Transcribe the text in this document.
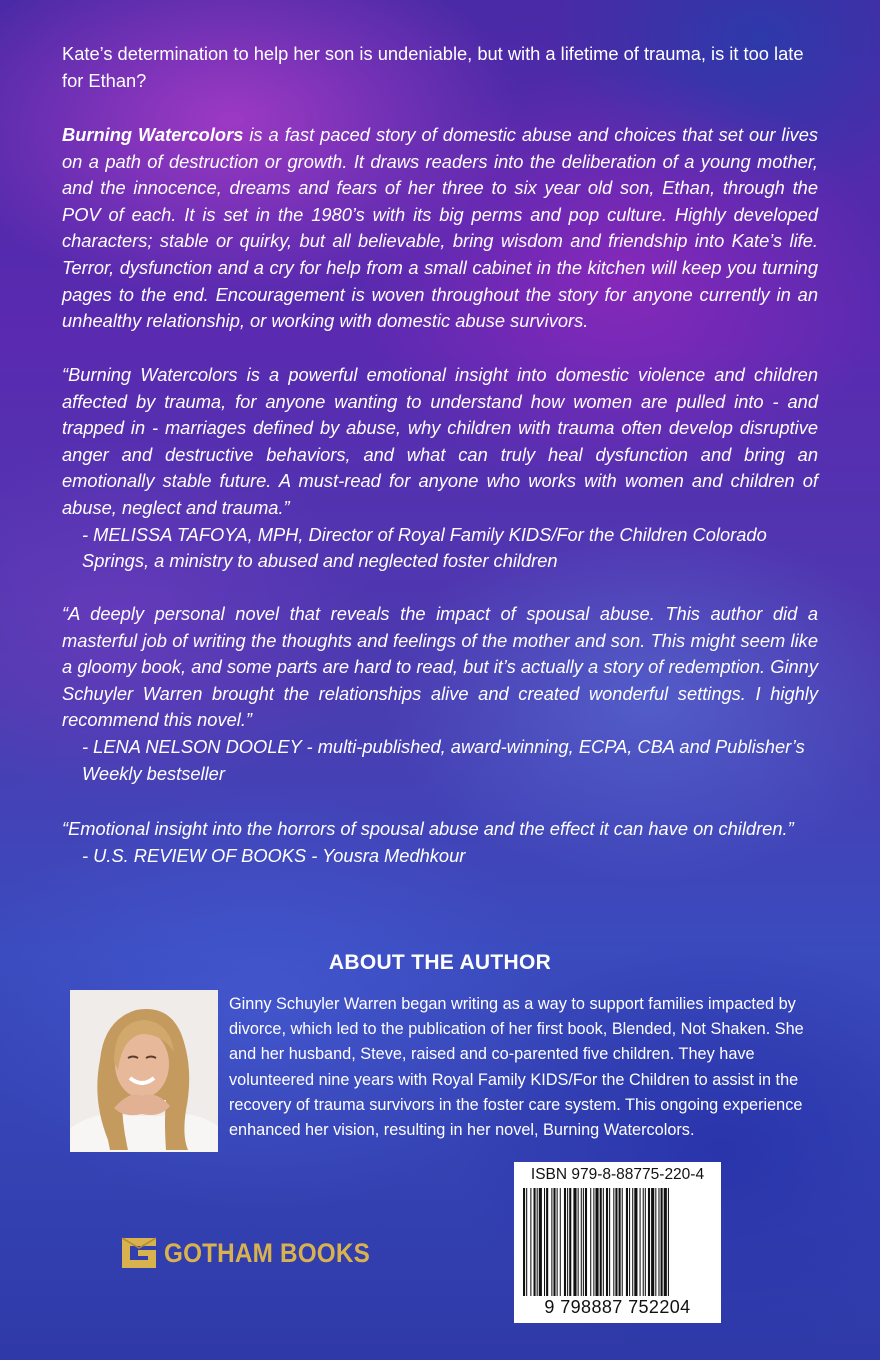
Kate’s determination to help her son is undeniable, but with a lifetime of trauma, is it too late for Ethan?
Burning Watercolors is a fast paced story of domestic abuse and choices that set our lives on a path of destruction or growth. It draws readers into the deliberation of a young mother, and the innocence, dreams and fears of her three to six year old son, Ethan, through the POV of each. It is set in the 1980’s with its big perms and pop culture. Highly developed characters; stable or quirky, but all believable, bring wisdom and friendship into Kate’s life. Terror, dysfunction and a cry for help from a small cabinet in the kitchen will keep you turning pages to the end. Encouragement is woven throughout the story for anyone currently in an unhealthy relationship, or working with domestic abuse survivors.
“Burning Watercolors is a powerful emotional insight into domestic violence and children affected by trauma, for anyone wanting to understand how women are pulled into - and trapped in - marriages defined by abuse, why children with trauma often develop disruptive anger and destructive behaviors, and what can truly heal dysfunction and bring an emotionally stable future. A must-read for anyone who works with women and children of abuse, neglect and trauma.”
- MELISSA TAFOYA, MPH, Director of Royal Family KIDS/For the Children Colorado Springs, a ministry to abused and neglected foster children
“A deeply personal novel that reveals the impact of spousal abuse. This author did a masterful job of writing the thoughts and feelings of the mother and son. This might seem like a gloomy book, and some parts are hard to read, but it’s actually a story of redemption. Ginny Schuyler Warren brought the relationships alive and created wonderful settings. I highly recommend this novel.”
- LENA NELSON DOOLEY - multi-published, award-winning, ECPA, CBA and Publisher’s Weekly bestseller
“Emotional insight into the horrors of spousal abuse and the effect it can have on children.”
- U.S. REVIEW OF BOOKS - Yousra Medhkour
ABOUT THE AUTHOR
Ginny Schuyler Warren began writing as a way to support families impacted by divorce, which led to the publication of her first book, Blended, Not Shaken. She and her husband, Steve, raised and co-parented five children. They have volunteered nine years with Royal Family KIDS/For the Children to assist in the recovery of trauma survivors in the foster care system. This ongoing experience enhanced her vision, resulting in her novel, Burning Watercolors.
GOTHAM BOOKS
ISBN 979-8-88775-220-4
9 798887 752204
